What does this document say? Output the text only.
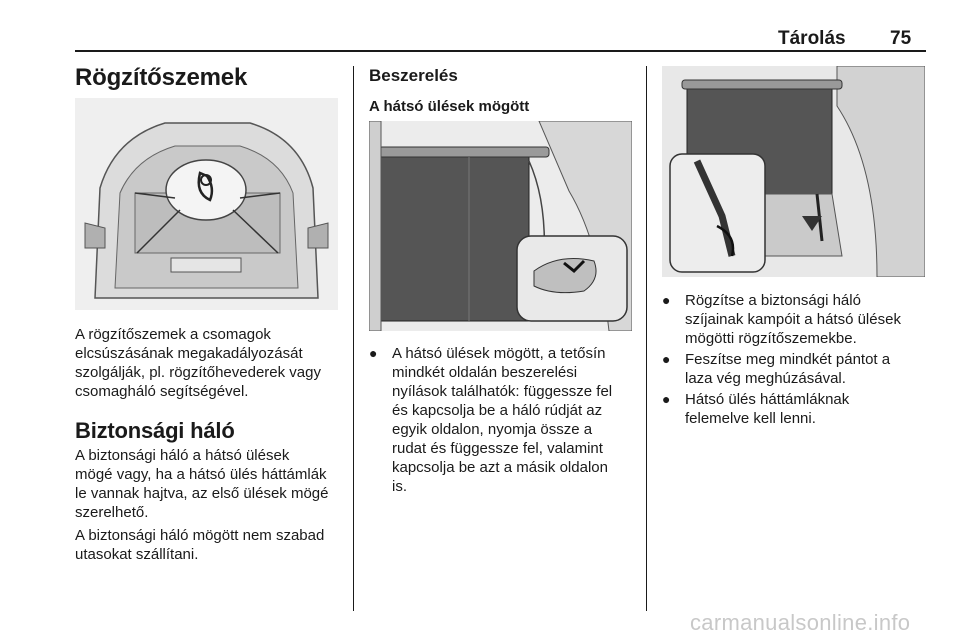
Tárolás 75
Rögzítőszemek
A rögzítőszemek a csomagok
elcsúszásának megakadályozását
szolgálják, pl. rögzítőhevederek vagy
csomagháló segítségével.
Biztonsági háló
A biztonsági háló a hátsó ülések
mögé vagy, ha a hátsó ülés háttámlák
le vannak hajtva, az első ülések mögé
szerelhető.
A biztonsági háló mögött nem szabad
utasokat szállítani.
Beszerelés
A hátsó ülések mögött
● A hátsó ülések mögött, a tetősín
mindkét oldalán beszerelési
nyílások találhatók: függessze fel
és kapcsolja be a háló rúdját az
egyik oldalon, nyomja össze a
rudat és függessze fel, valamint
kapcsolja be azt a másik oldalon
is.
● Rögzítse a biztonsági háló
szíjainak kampóit a hátsó ülések
mögötti rögzítőszemekbe.
● Feszítse meg mindkét pántot a
laza vég meghúzásával.
● Hátsó ülés háttámláknak
felemelve kell lenni.
carmanualsonline.info
